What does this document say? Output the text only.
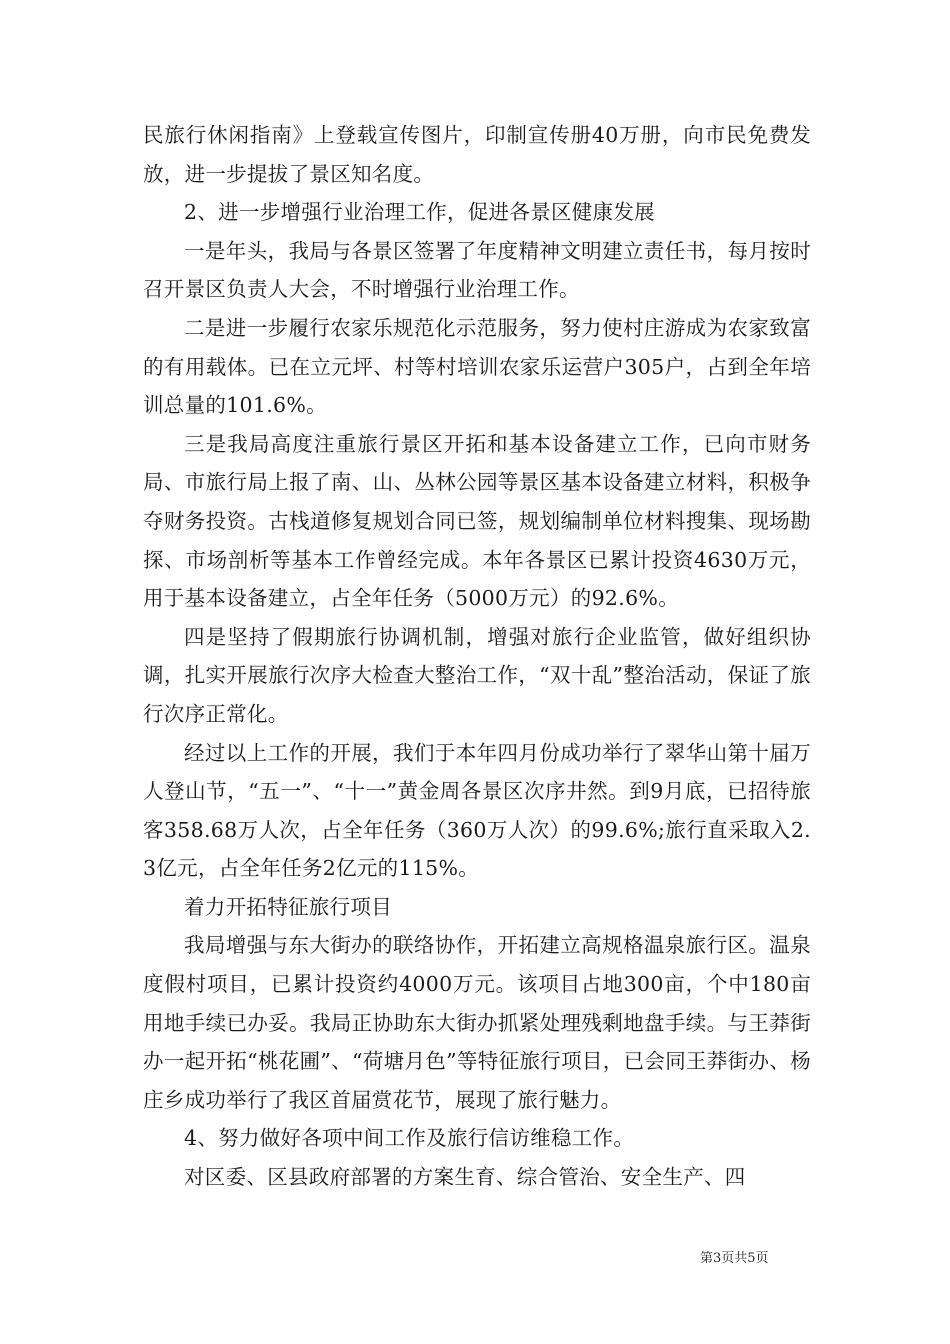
民旅行休闲指南》上登载宣传图片，印制宣传册40万册，向市民免费发放，进一步提拔了景区知名度。

2、进一步增强行业治理工作，促进各景区健康发展

一是年头，我局与各景区签署了年度精神文明建立责任书，每月按时召开景区负责人大会，不时增强行业治理工作。

二是进一步履行农家乐规范化示范服务，努力使村庄游成为农家致富的有用载体。已在立元坪、村等村培训农家乐运营户305户，占到全年培训总量的101.6%。

三是我局高度注重旅行景区开拓和基本设备建立工作，已向市财务局、市旅行局上报了南、山、丛林公园等景区基本设备建立材料，积极争夺财务投资。古栈道修复规划合同已签，规划编制单位材料搜集、现场勘探、市场剖析等基本工作曾经完成。本年各景区已累计投资4630万元，用于基本设备建立，占全年任务（5000万元）的92.6%。

四是坚持了假期旅行协调机制，增强对旅行企业监管，做好组织协调，扎实开展旅行次序大检查大整治工作，“双十乱”整治活动，保证了旅行次序正常化。

经过以上工作的开展，我们于本年四月份成功举行了翠华山第十届万人登山节，“五一”、“十一”黄金周各景区次序井然。到9月底，已招待旅客358.68万人次，占全年任务（360万人次）的99.6%;旅行直采取入2.3亿元，占全年任务2亿元的115%。

着力开拓特征旅行项目

我局增强与东大街办的联络协作，开拓建立高规格温泉旅行区。温泉度假村项目，已累计投资约4000万元。该项目占地300亩，个中180亩用地手续已办妥。我局正协助东大街办抓紧处理残剩地盘手续。与王莽街办一起开拓“桃花圃”、“荷塘月色”等特征旅行项目，已会同王莽街办、杨庄乡成功举行了我区首届赏花节，展现了旅行魅力。

4、努力做好各项中间工作及旅行信访维稳工作。

对区委、区县政府部署的方案生育、综合管治、安全生产、四

第3页共5页
